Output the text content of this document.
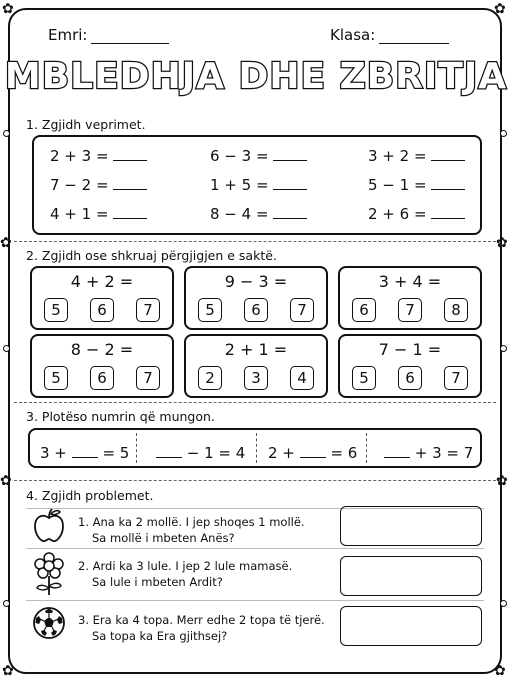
✿	✿
✿	✿
✿	✿
✿	✿
Emri:	Klasa:
MBLEDHJA DHE ZBRITJA
1. Zgjidh veprimet.
2 + 3 =	6 − 3 =	3 + 2 =
7 − 2 =	1 + 5 =	5 − 1 =
4 + 1 =	8 − 4 =	2 + 6 =
2. Zgjidh ose shkruaj përgjigjen e saktë.
4 + 2 =
5	6	7
9 − 3 =
5	6	7
3 + 4 =
6	7	8
8 − 2 =
5	6	7
2 + 1 =
2	3	4
7 − 1 =
5	6	7
3. Plotëso numrin që mungon.
3 + = 5	− 1 = 4 2 + = 6	+ 3 = 7
4. Zgjidh problemet.
1. Ana ka 2 mollë. I jep shoqes 1 mollë.
Sa mollë i mbeten Anës?
2. Ardi ka 3 lule. I jep 2 lule mamasë.
Sa lule i mbeten Ardit?
3. Era ka 4 topa. Merr edhe 2 topa të tjerë.
Sa topa ka Era gjithsej?
